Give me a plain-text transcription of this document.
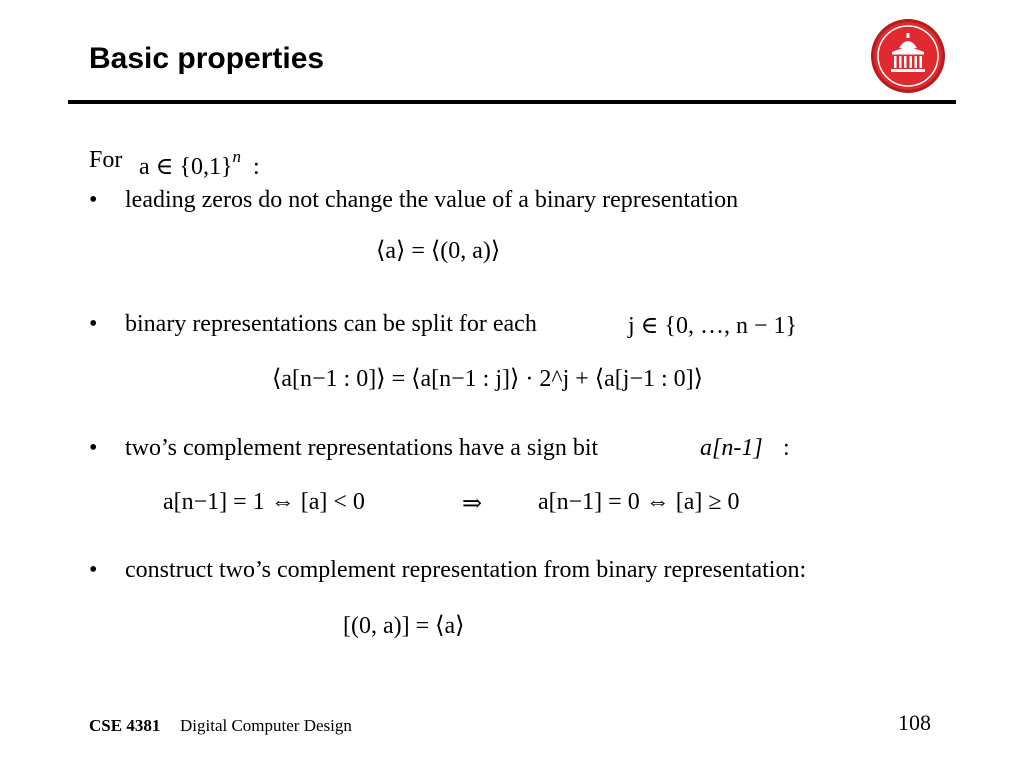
Basic properties
For a ∈ $\{0,1\}^n$ :
• leading zeros do not change the value of a binary representation
⟨a⟩ = ⟨(0, a)⟩
• binary representations can be split for each	j ∈ {0, …, n − 1}
⟨a[n−1 : 0]⟩ = ⟨a[n−1 : j]⟩ · 2^j + ⟨a[j−1 : 0]⟩
• two’s complement representations have a sign bit	a[n-1] :
a[n−1] = 1 ⇔ [a] < 0	⇒ a[n−1] = 0 ⇔ [a] ≥ 0
• construct two’s complement representation from binary representation:
[(0, a)] = ⟨a⟩
CSE 4381 Digital Computer Design	108
